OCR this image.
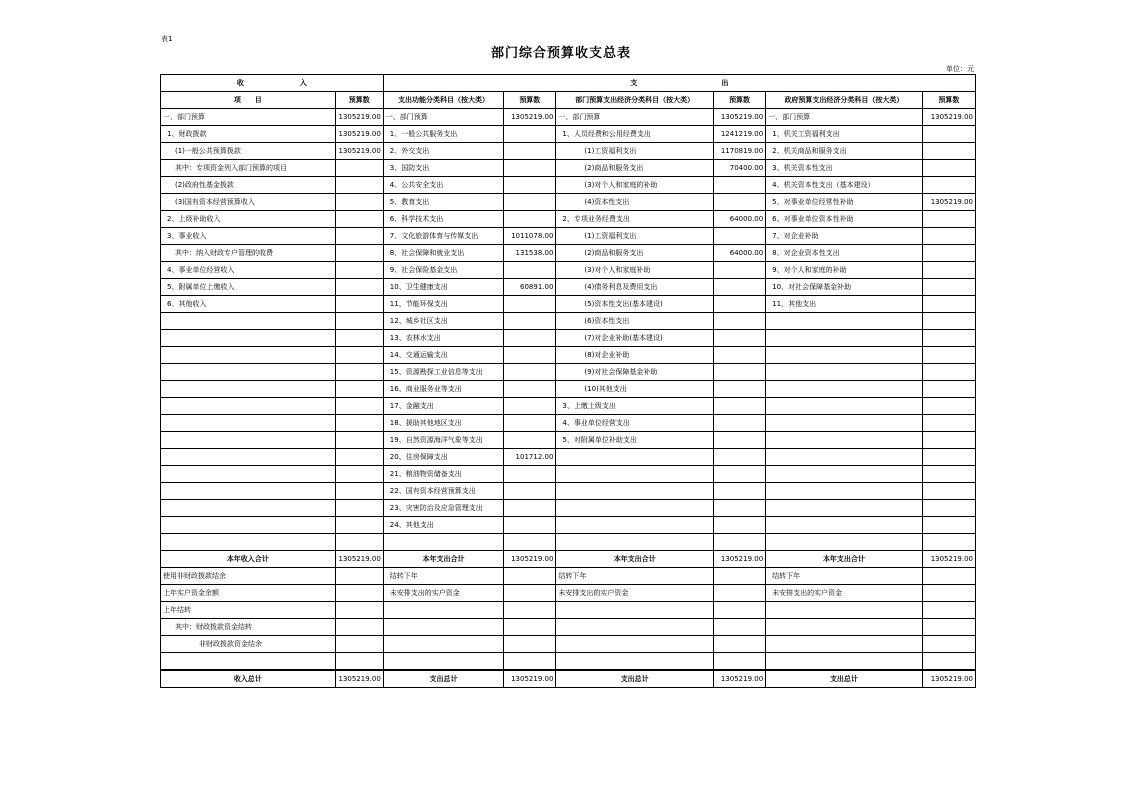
表1
部门综合预算收支总表
单位：元
收　　　　　　　　入		支　　　　　　　　　　　　出					
项　　目	预算数	支出功能分类科目（按大类）	预算数	部门预算支出经济分类科目（按大类）	预算数	政府预算支出经济分类科目（按大类）	预算数
一、部门预算	1305219.00	一、部门预算	1305219.00	一、部门预算	1305219.00	一、部门预算	1305219.00
1、财政拨款	1305219.00	1、一般公共服务支出		1、人员经费和公用经费支出	1241219.00	1、机关工资福利支出	
(1)一般公共预算拨款	1305219.00	2、外交支出		(1)工资福利支出	1170819.00	2、机关商品和服务支出	
其中：专项资金列入部门预算的项目		3、国防支出		(2)商品和服务支出	70400.00	3、机关资本性支出	
(2)政府性基金拨款		4、公共安全支出		(3)对个人和家庭的补助		4、机关资本性支出（基本建设）	
(3)国有资本经营预算收入		5、教育支出		(4)资本性支出		5、对事业单位经常性补助	1305219.00
2、上级补助收入		6、科学技术支出		2、专项业务经费支出	64000.00	6、对事业单位资本性补助	
3、事业收入		7、文化旅游体育与传媒支出	1011078.00	(1)工资福利支出		7、对企业补助	
其中：纳入财政专户管理的收费		8、社会保障和就业支出	131538.00	(2)商品和服务支出	64000.00	8、对企业资本性支出	
4、事业单位经营收入		9、社会保险基金支出		(3)对个人和家庭补助		9、对个人和家庭的补助	
5、附属单位上缴收入		10、卫生健康支出	60891.00	(4)债务利息及费用支出		10、对社会保障基金补助	
6、其他收入		11、节能环保支出		(5)资本性支出(基本建设)		11、其他支出	
		12、城乡社区支出		(6)资本性支出			
		13、农林水支出		(7)对企业补助(基本建设)			
		14、交通运输支出		(8)对企业补助			
		15、资源勘探工业信息等支出		(9)对社会保障基金补助			
		16、商业服务业等支出		(10)其他支出			
		17、金融支出		3、上缴上级支出			
		18、援助其他地区支出		4、事业单位经营支出			
		19、自然资源海洋气象等支出		5、对附属单位补助支出			
		20、住房保障支出	101712.00				
		21、粮油物资储备支出					
		22、国有资本经营预算支出					
		23、灾害防治及应急管理支出					
		24、其他支出					

本年收入合计	1305219.00	本年支出合计	1305219.00	本年支出合计	1305219.00	本年支出合计	1305219.00
使用非财政拨款结余		结转下年		结转下年		结转下年	
上年实户资金余额		未安排支出的实户资金		未安排支出的实户资金		未安排支出的实户资金	
上年结转							
其中：财政拨款资金结转							
非财政拨款资金结余							

收入总计	1305219.00	支出总计	1305219.00	支出总计	1305219.00	支出总计	1305219.00
